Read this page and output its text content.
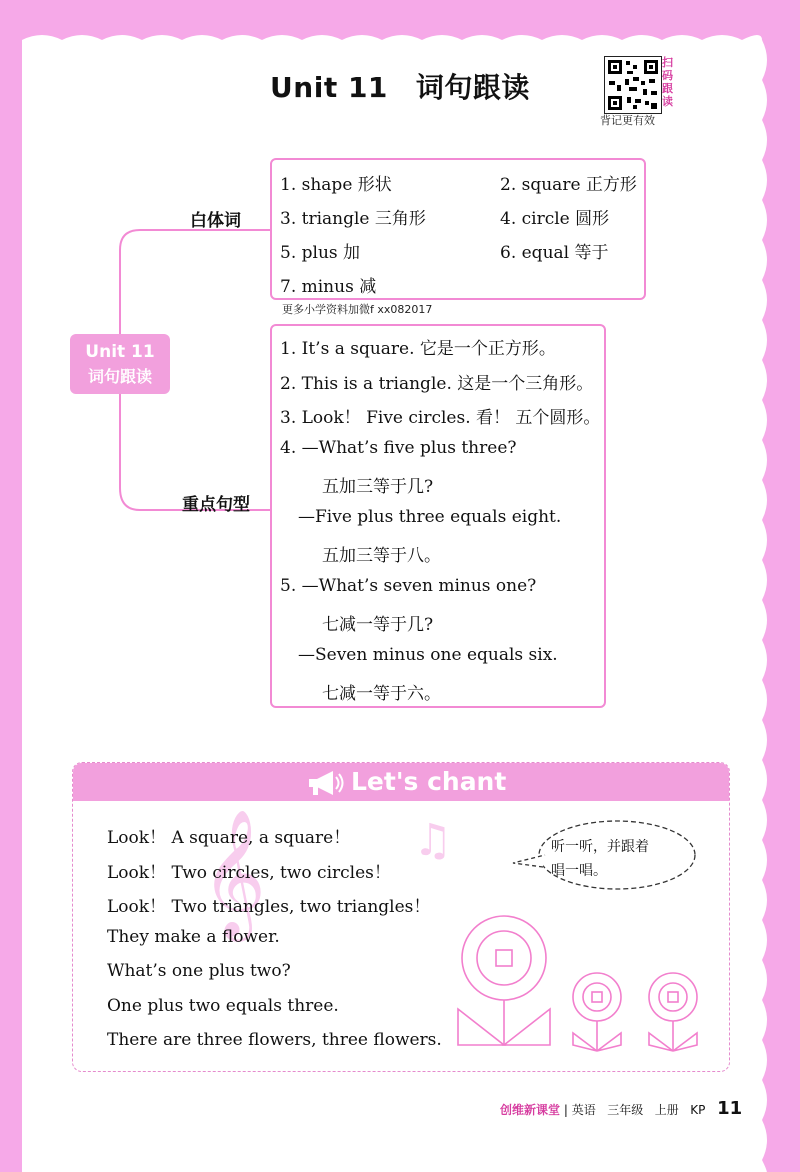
Unit 11 词句跟读
扫
码
跟
读
背记更有效
Unit 11
词句跟读
白体词
重点句型
1. shape 形状	2. square 正方形
3. triangle 三角形	4. circle 圆形
5. plus 加	6. equal 等于
7. minus 减
更多小学资料加微f xx082017
1. It’s a square. 它是一个正方形。
2. This is a triangle. 这是一个三角形。
3. Look！ Five circles. 看！ 五个圆形。
4. —What’s five plus three?
五加三等于几?
—Five plus three equals eight.
五加三等于八。
5. —What’s seven minus one?
七减一等于几?
—Seven minus one equals six.
七减一等于六。
Let's chant
𝄞	♫
Look！ A square, a square！
Look！ Two circles, two circles！
Look！ Two triangles, two triangles！
They make a flower.
What’s one plus two?
One plus two equals three.
There are three flowers, three flowers.
听一听，并跟着
唱一唱。
创维新课堂 | 英语 三年级 上册 KP 11
